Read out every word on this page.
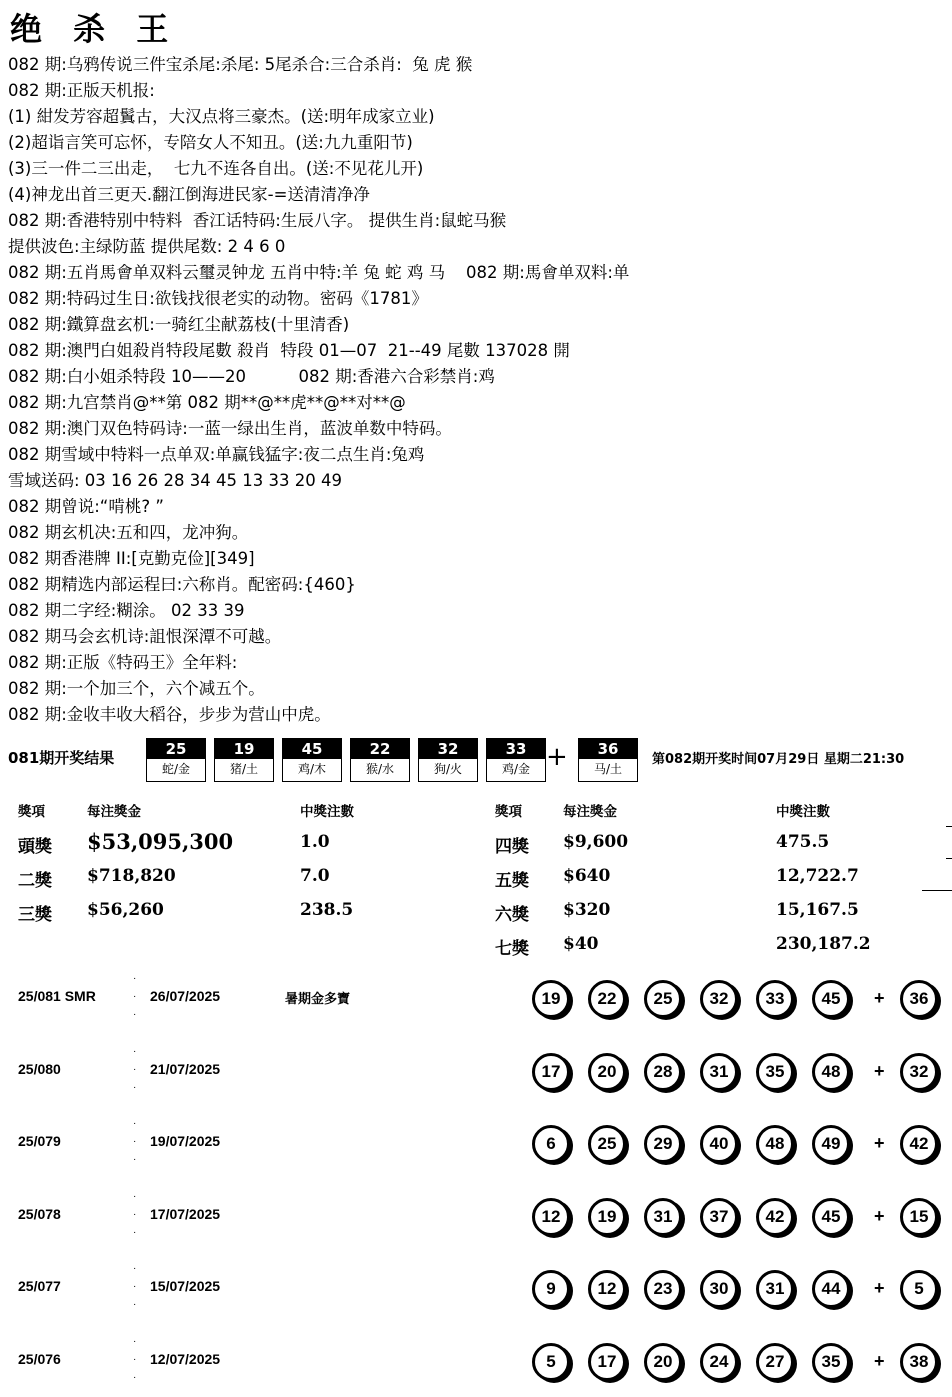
绝 杀 王
082 期:乌鸦传说三件宝杀尾:杀尾: 5尾杀合:三合杀肖:  兔 虎 猴
082 期:正版天机报:
(1) 紺发芳容超鬒古，大汉点将三豪杰。(送:明年成家立业)
(2)超诣言笑可忘怀，专陪女人不知丑。(送:九九重阳节)
(3)三一件二三出走，  七九不连各自出。(送:不见花儿开)
(4)神龙出首三更天.翻江倒海进民家-=送清清净净
082 期:香港特别中特料  香江话特码:生辰八字。 提供生肖:鼠蛇马猴
提供波色:主绿防蓝 提供尾数: 2 4 6 0
082 期:五肖馬會单双料云璽灵钟龙 五肖中特:羊 兔 蛇 鸡 马    082 期:馬會单双料:单
082 期:特码过生日:欲钱找很老实的动物。密码《1781》
082 期:鐵算盘玄机:一骑红尘献荔枝(十里清香)
082 期:澳門白姐殺肖特段尾數 殺肖  特段 01—07  21--49 尾數 137028 開
082 期:白小姐杀特段 10——20          082 期:香港六合彩禁肖:鸡
082 期:九宫禁肖@**第 082 期**@**虎**@**对**@
082 期:澳门双色特码诗:一蓝一绿出生肖，蓝波单数中特码。
082 期雪域中特料一点单双:单赢钱猛字:夜二点生肖:兔鸡
雪域送码: 03 16 26 28 34 45 13 33 20 49
082 期曾说:“啃桃? ”
082 期玄机决:五和四，龙冲狗。
082 期香港牌 II:[克勤克俭][349]
082 期精选内部运程曰:六称肖。配密码:{460}
082 期二字经:糊涂。 02 33 39
082 期马会玄机诗:詛恨深潭不可越。
082 期:正版《特码王》全年料:
082 期:一个加三个，六个减五个。
082 期:金收丰收大稻谷，步步为营山中虎。
081期开奖结果	25
蛇/金
19
猪/土
45
鸡/木
22
猴/水
32
狗/火
33
鸡/金 +	36
马/土
第082期开奖时间07月29日 星期二21:30
獎項	每注獎金	中獎注數	獎項	每注獎金	中獎注數
頭獎 $53,095,300	1.0
二獎 $718,820	7.0
三獎 $56,260	238.5
四獎 $9,600	475.5
五獎 $640	12,722.7
六獎 $320	15,167.5
七獎 $40	230,187.2
·
·
·
25/081 SMR	26/07/2025	暑期金多寶	19	22	25	32	33	45	+	36
·
·
·
25/080	21/07/2025	17	20	28	31	35	48	+	32
·
·
·
25/079	19/07/2025	6	25	29	40	48	49	+	42
·
·
·
25/078	17/07/2025	12	19	31	37	42	45	+	15
·
·
·
25/077	15/07/2025	9	12	23	30	31	44	+	5
·
·
·
25/076	12/07/2025	5	17	20	24	27	35	+	38
